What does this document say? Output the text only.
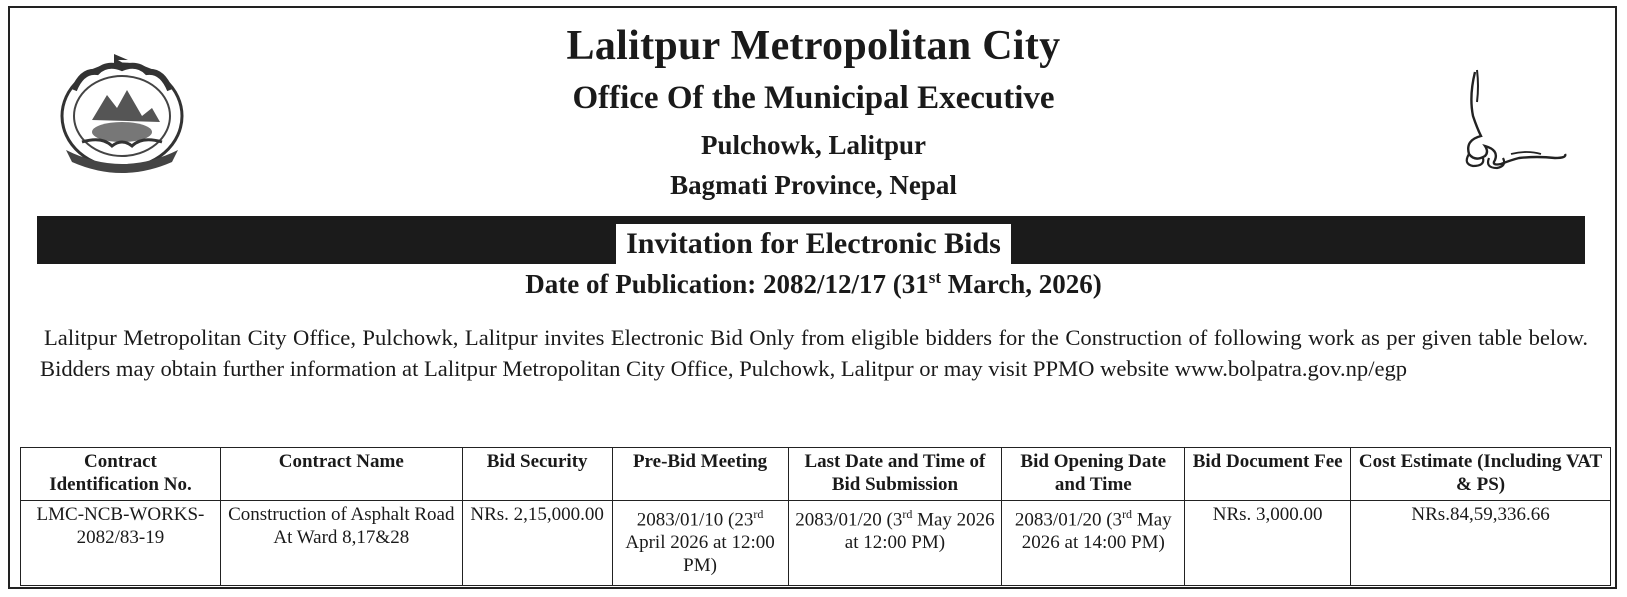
Lalitpur Metropolitan City
Office Of the Municipal Executive
Pulchowk, Lalitpur
Bagmati Province, Nepal
Invitation for Electronic Bids
Date of Publication: 2082/12/17 (31st March, 2026)
Lalitpur Metropolitan City Office, Pulchowk, Lalitpur invites Electronic Bid Only from eligible bidders for the Construction of following work as per given table below. Bidders may obtain further information at Lalitpur Metropolitan City Office, Pulchowk, Lalitpur or may visit PPMO website www.bolpatra.gov.np/egp
Contract Identification No.	Contract Name	Bid Security	Pre-Bid Meeting	Last Date and Time of Bid Submission	Bid Opening Date and Time	Bid Document Fee	Cost Estimate (Including VAT & PS)
LMC-NCB-WORKS-2082/83-19	Construction of Asphalt Road At Ward 8,17&28	NRs. 2,15,000.00	2083/01/10 (23rd April 2026 at 12:00 PM)	2083/01/20 (3rd May 2026 at 12:00 PM)	2083/01/20 (3rd May 2026 at 14:00 PM)	NRs. 3,000.00	NRs.84,59,336.66
